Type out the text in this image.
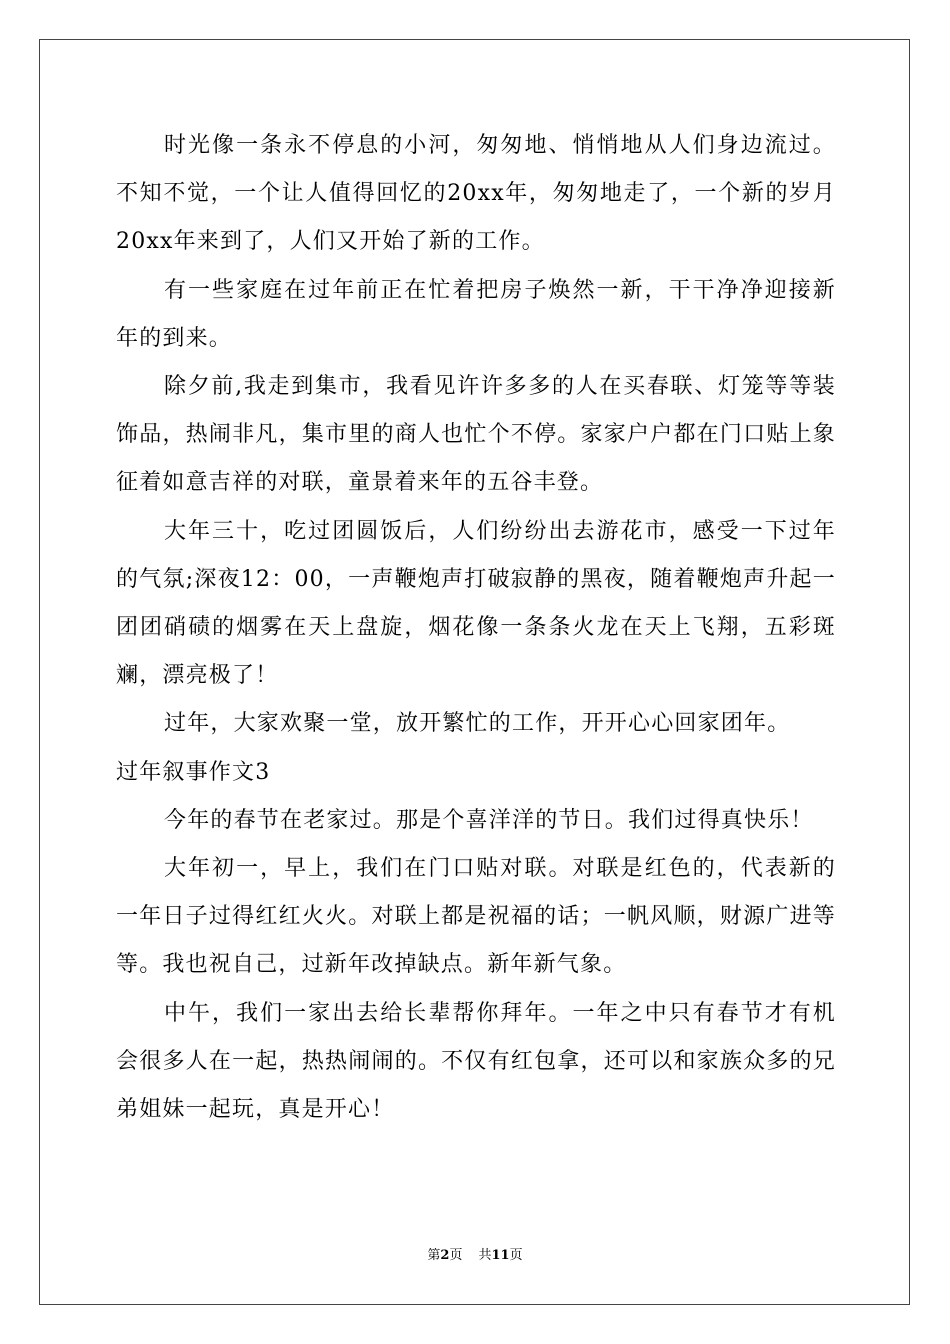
时光像一条永不停息的小河，匆匆地、悄悄地从人们身边流过。不知不觉，一个让人值得回忆的20xx年，匆匆地走了，一个新的岁月20xx年来到了，人们又开始了新的工作。

有一些家庭在过年前正在忙着把房子焕然一新，干干净净迎接新年的到来。

除夕前,我走到集市，我看见许许多多的人在买春联、灯笼等等装饰品，热闹非凡，集市里的商人也忙个不停。家家户户都在门口贴上象征着如意吉祥的对联，童景着来年的五谷丰登。

大年三十，吃过团圆饭后，人们纷纷出去游花市，感受一下过年的气氛;深夜12：00，一声鞭炮声打破寂静的黑夜，随着鞭炮声升起一团团硝碛的烟雾在天上盘旋，烟花像一条条火龙在天上飞翔，五彩斑斓，漂亮极了！

过年，大家欢聚一堂，放开繁忙的工作，开开心心回家团年。

过年叙事作文3

今年的春节在老家过。那是个喜洋洋的节日。我们过得真快乐！

大年初一，早上，我们在门口贴对联。对联是红色的，代表新的一年日子过得红红火火。对联上都是祝福的话；一帆风顺，财源广进等等。我也祝自己，过新年改掉缺点。新年新气象。

中午，我们一家出去给长辈帮你拜年。一年之中只有春节才有机会很多人在一起，热热闹闹的。不仅有红包拿，还可以和家族众多的兄弟姐妹一起玩，真是开心！

第2页 共11页
